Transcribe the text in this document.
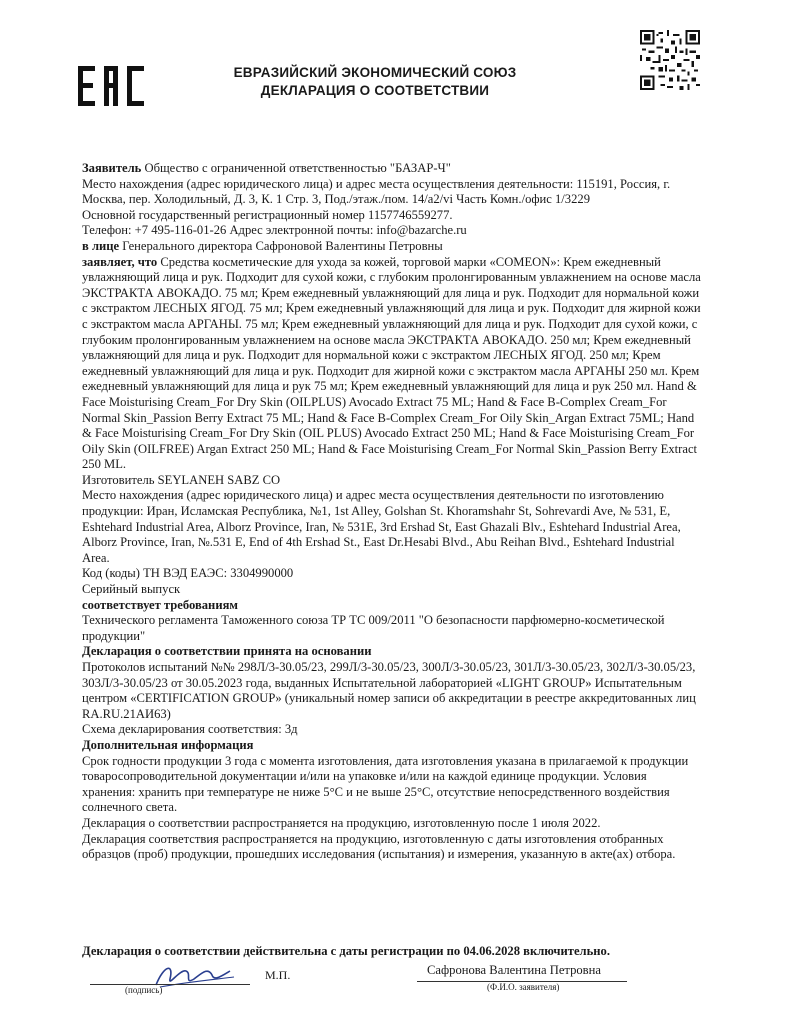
ЕВРАЗИЙСКИЙ ЭКОНОМИЧЕСКИЙ СОЮЗ
ДЕКЛАРАЦИЯ О СООТВЕТСТВИИ

Заявитель Общество с ограниченной ответственностью "БАЗАР-Ч"

Место нахождения (адрес юридического лица) и адрес места осуществления деятельности: 115191, Россия, г. Москва, пер. Холодильный, Д. 3, К. 1 Стр. 3, Под./этаж./пом. 14/а2/vi Часть Комн./офис 1/3229

Основной государственный регистрационный номер 1157746559277.

Телефон: +7 495-116-01-26 Адрес электронной почты: info@bazarche.ru

в лице Генерального директора Сафроновой Валентины Петровны

заявляет, что Средства косметические для ухода за кожей, торговой марки «COMEON»: Крем ежедневный увлажняющий лица и рук. Подходит для сухой кожи, с глубоким пролонгированным увлажнением на основе масла ЭКСТРАКТА АВОКАДО. 75 мл; Крем ежедневный увлажняющий для лица и рук. Подходит для нормальной кожи с экстрактом ЛЕСНЫХ ЯГОД. 75 мл; Крем ежедневный увлажняющий для лица и рук. Подходит для жирной кожи с экстрактом масла АРГАНЫ. 75 мл; Крем ежедневный увлажняющий для лица и рук. Подходит для сухой кожи, с глубоким пролонгированным увлажнением на основе масла ЭКСТРАКТА АВОКАДО. 250 мл; Крем ежедневный увлажняющий для лица и рук. Подходит для нормальной кожи с экстрактом ЛЕСНЫХ ЯГОД. 250 мл; Крем ежедневный увлажняющий для лица и рук. Подходит для жирной кожи с экстрактом масла АРГАНЫ 250 мл. Крем ежедневный увлажняющий для лица и рук 75 мл; Крем ежедневный увлажняющий для лица и рук 250 мл. Hand & Face Moisturising Cream_For Dry Skin (OILPLUS) Avocado Extract 75 ML; Hand & Face B-Complex Cream_For Normal Skin_Passion Berry Extract 75 ML; Hand & Face B-Complex Cream_For Oily Skin_Argan Extract 75ML; Hand & Face Moisturising Cream_For Dry Skin (OIL PLUS) Avocado Extract 250 ML; Hand & Face Moisturising Cream_For Oily Skin (OILFREE) Argan Extract 250 ML; Hand & Face Moisturising Cream_For Normal Skin_Passion Berry Extract 250 ML.

Изготовитель SEYLANEH SABZ CO

Место нахождения (адрес юридического лица) и адрес места осуществления деятельности по изготовлению продукции: Иран, Исламская Республика, №1, 1st Alley, Golshan St. Khoramshahr St, Sohrevardi Ave, № 531, E, Eshtehard Industrial Area, Alborz Province, Iran, № 531E, 3rd Ershad St, East Ghazali Blv., Eshtehard Industrial Area, Alborz Province, Iran, №.531 E, End of 4th Ershad St., East Dr.Hesabi Blvd., Abu Reihan Blvd., Eshtehard Industrial Area.

Код (коды) ТН ВЭД ЕАЭС: 3304990000

Серийный выпуск

соответствует требованиям

Технического регламента Таможенного союза ТР ТС 009/2011 "О безопасности парфюмерно-косметической продукции"

Декларация о соответствии принята на основании

Протоколов испытаний №№ 298Л/3-30.05/23, 299Л/3-30.05/23, 300Л/3-30.05/23, 301Л/3-30.05/23, 302Л/3-30.05/23, 303Л/3-30.05/23 от 30.05.2023 года, выданных Испытательной лабораторией «LIGHT GROUP» Испытательным центром «CERTIFICATION GROUP» (уникальный номер записи об аккредитации в реестре аккредитованных лиц RA.RU.21АИ63)

Схема декларирования соответствия: 3д

Дополнительная информация

Срок годности продукции 3 года с момента изготовления, дата изготовления указана в прилагаемой к продукции товаросопроводительной документации и/или на упаковке и/или на каждой единице продукции. Условия хранения: хранить при температуре не ниже 5°С и не выше 25°С, отсутствие непосредственного воздействия солнечного света.

Декларация о соответствии распространяется на продукцию, изготовленную после 1 июля 2022.

Декларация соответствия распространяется на продукцию, изготовленную с даты изготовления отобранных образцов (проб) продукции, прошедших исследования (испытания) и измерения, указанную в акте(ах) отбора.

Декларация о соответствии действительна с даты регистрации по 04.06.2028 включительно.
М.П.
(подпись)
Сафронова Валентина Петровна
(Ф.И.О. заявителя)
